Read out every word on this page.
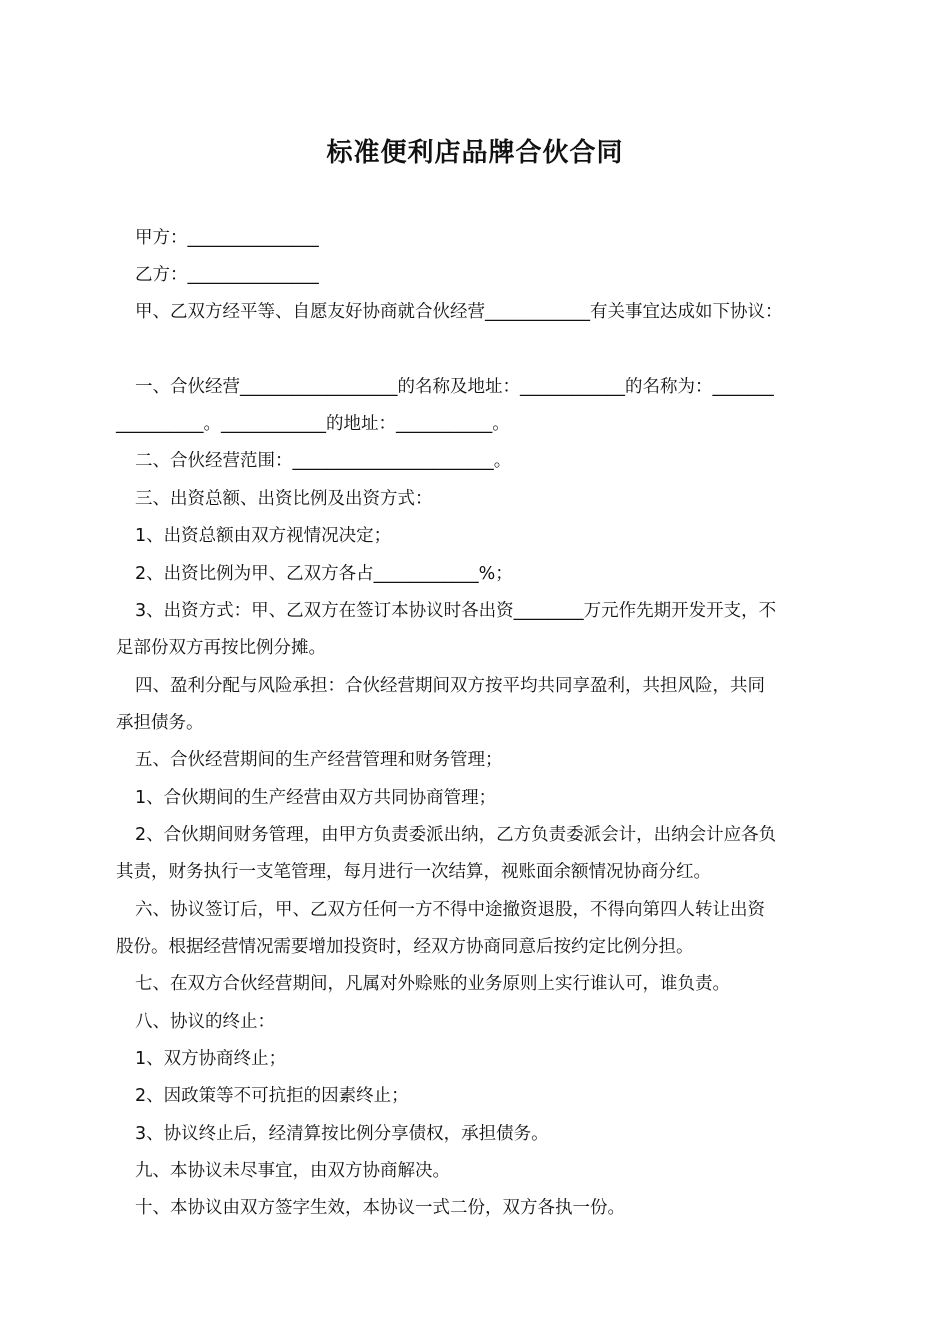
标准便利店品牌合伙合同
甲方：_______________
乙方：_______________
甲、乙双方经平等、自愿友好协商就合伙经营____________有关事宜达成如下协议：
一、合伙经营__________________的名称及地址：____________的名称为：_______
__________。____________的地址：___________。
二、合伙经营范围：_______________________。
三、出资总额、出资比例及出资方式：
1、出资总额由双方视情况决定；
2、出资比例为甲、乙双方各占____________%；
3、出资方式：甲、乙双方在签订本协议时各出资________万元作先期开发开支，不
足部份双方再按比例分摊。
四、盈利分配与风险承担：合伙经营期间双方按平均共同享盈利，共担风险，共同
承担债务。
五、合伙经营期间的生产经营管理和财务管理；
1、合伙期间的生产经营由双方共同协商管理；
2、合伙期间财务管理，由甲方负责委派出纳，乙方负责委派会计，出纳会计应各负
其责，财务执行一支笔管理，每月进行一次结算，视账面余额情况协商分红。
六、协议签订后，甲、乙双方任何一方不得中途撤资退股，不得向第四人转让出资
股份。根据经营情况需要增加投资时，经双方协商同意后按约定比例分担。
七、在双方合伙经营期间，凡属对外赊账的业务原则上实行谁认可，谁负责。
八、协议的终止：
1、双方协商终止；
2、因政策等不可抗拒的因素终止；
3、协议终止后，经清算按比例分享债权，承担债务。
九、本协议未尽事宜，由双方协商解决。
十、本协议由双方签字生效，本协议一式二份，双方各执一份。
